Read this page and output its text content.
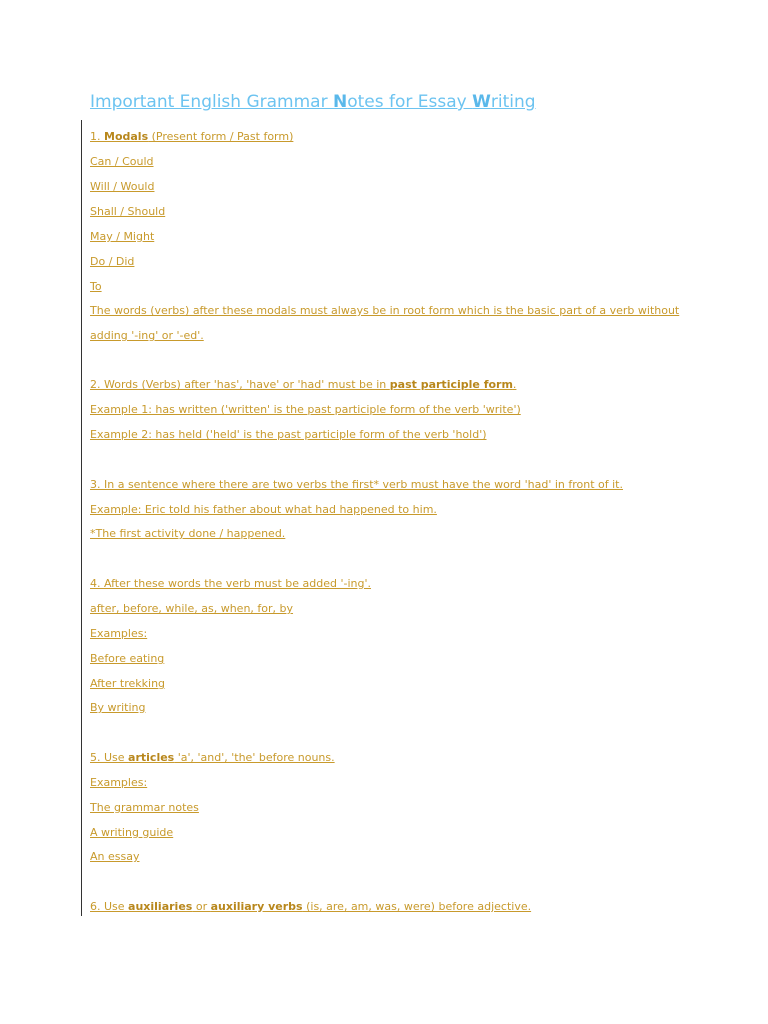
Important English Grammar Notes for Essay Writing
1. Modals (Present form / Past form)
Can / Could
Will / Would
Shall / Should
May / Might
Do / Did
To
The words (verbs) after these modals must always be in root form which is the basic part of a verb without
adding '-ing' or '-ed'.
2. Words (Verbs) after 'has', 'have' or 'had' must be in past participle form.
Example 1: has written ('written' is the past participle form of the verb 'write')
Example 2: has held ('held' is the past participle form of the verb 'hold')
3. In a sentence where there are two verbs the first* verb must have the word 'had' in front of it.
Example: Eric told his father about what had happened to him.
*The first activity done / happened.
4. After these words the verb must be added '-ing'.
after, before, while, as, when, for, by
Examples:
Before eating
After trekking
By writing
5. Use articles 'a', 'and', 'the' before nouns.
Examples:
The grammar notes
A writing guide
An essay
6. Use auxiliaries or auxiliary verbs (is, are, am, was, were) before adjective.
